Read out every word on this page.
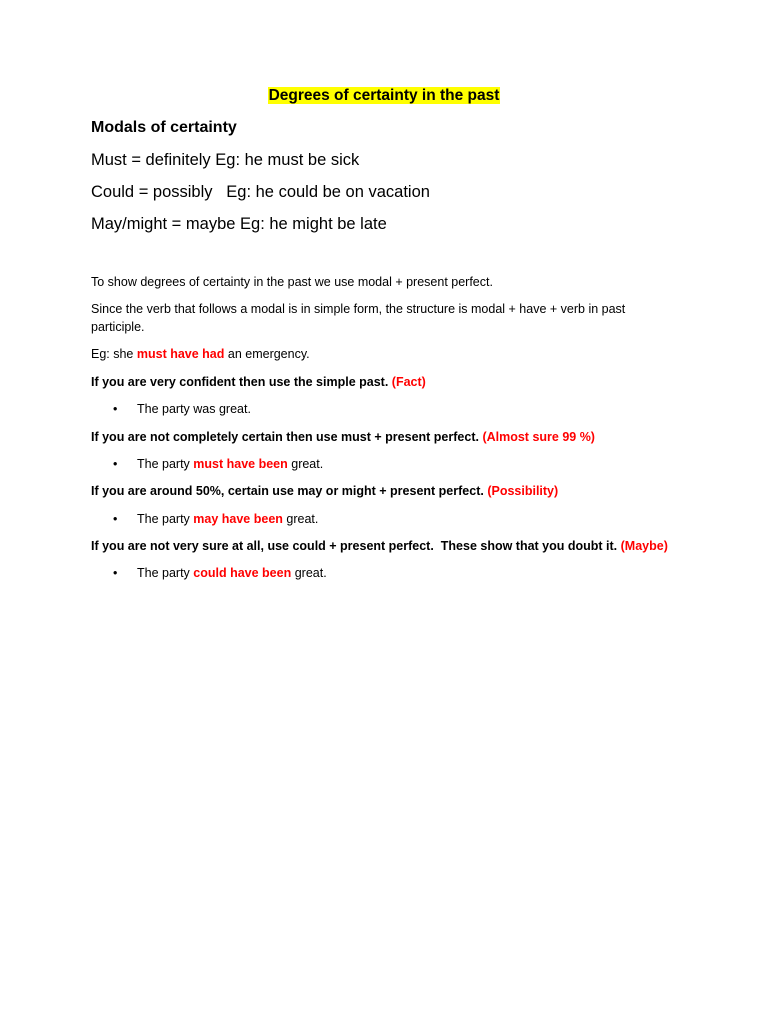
Degrees of certainty in the past
Modals of certainty
Must = definitely Eg: he must be sick
Could = possibly   Eg: he could be on vacation
May/might = maybe Eg: he might be late
To show degrees of certainty in the past we use modal + present perfect.
Since the verb that follows a modal is in simple form, the structure is modal + have + verb in past participle.
Eg: she must have had an emergency.
If you are very confident then use the simple past. (Fact)
• The party was great.
If you are not completely certain then use must + present perfect. (Almost sure 99 %)
• The party must have been great.
If you are around 50%, certain use may or might + present perfect. (Possibility)
• The party may have been great.
If you are not very sure at all, use could + present perfect.  These show that you doubt it. (Maybe)
• The party could have been great.
